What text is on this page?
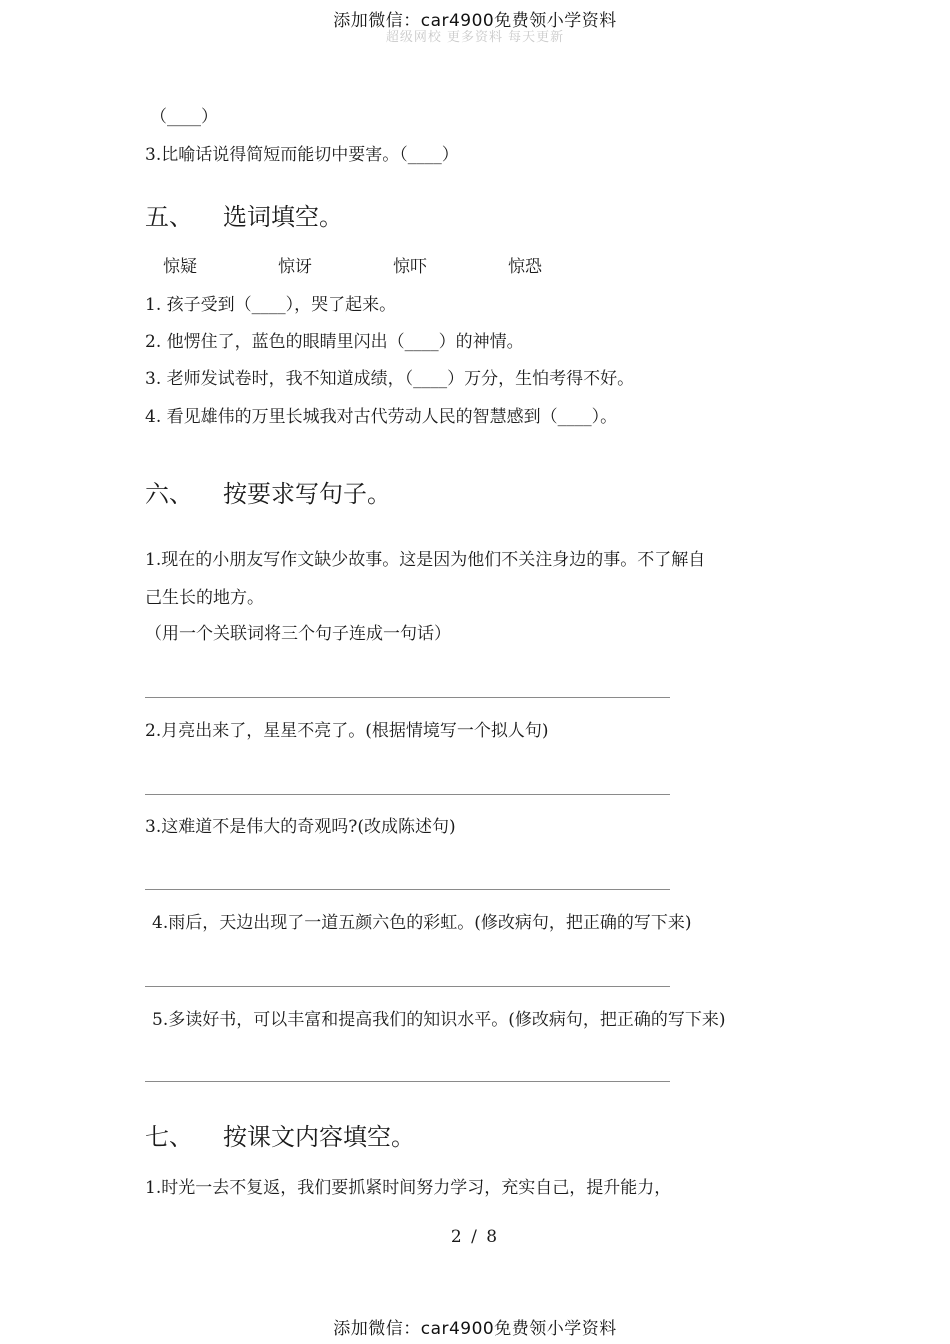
添加微信：car4900免费领小学资料
超级网校 更多资料 每天更新
（____）
3.比喻话说得简短而能切中要害。（____）
五、 选词填空。
惊疑	惊讶	惊吓	惊恐
1. 孩子受到（____），哭了起来。
2. 他愣住了，蓝色的眼睛里闪出（____）的神情。
3. 老师发试卷时，我不知道成绩，（____）万分，生怕考得不好。
4. 看见雄伟的万里长城我对古代劳动人民的智慧感到（____）。
六、 按要求写句子。
1.现在的小朋友写作文缺少故事。这是因为他们不关注身边的事。不了解自
己生长的地方。
（用一个关联词将三个句子连成一句话）
2.月亮出来了，星星不亮了。(根据情境写一个拟人句)
3.这难道不是伟大的奇观吗?(改成陈述句)
4.雨后，天边出现了一道五颜六色的彩虹。(修改病句，把正确的写下来)
5.多读好书，可以丰富和提高我们的知识水平。(修改病句，把正确的写下来)
七、 按课文内容填空。
1.时光一去不复返，我们要抓紧时间努力学习，充实自己，提升能力，
2 / 8
添加微信：car4900免费领小学资料
